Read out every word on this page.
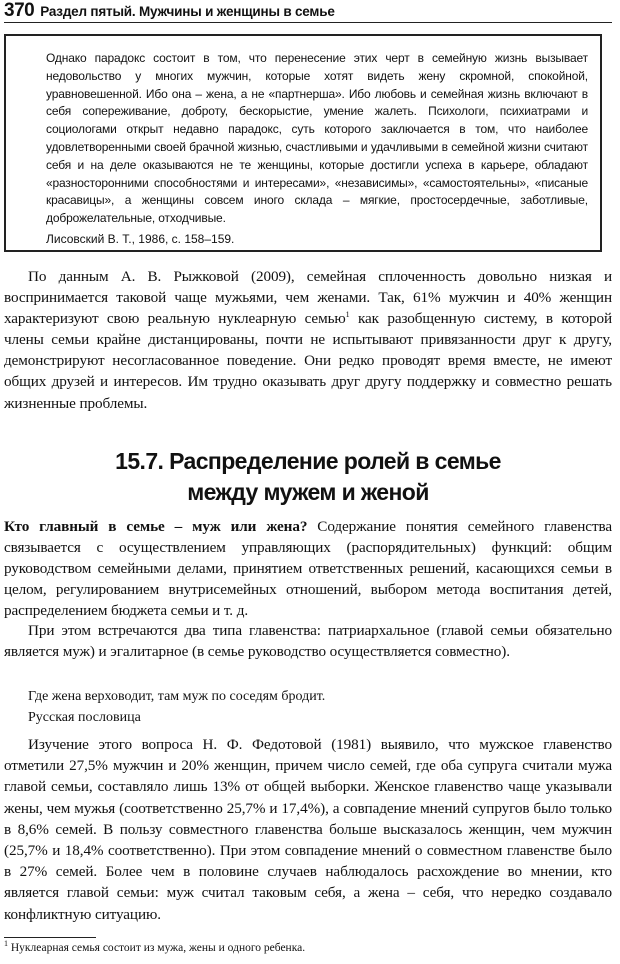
370 Раздел пятый. Мужчины и женщины в семье

Однако парадокс состоит в том, что перенесение этих черт в семейную жизнь вызывает недовольство у многих мужчин, которые хотят видеть жену скромной, спокойной, уравновешенной. Ибо она – жена, а не «партнерша». Ибо любовь и семейная жизнь включают в себя сопереживание, доброту, бескорыстие, умение жалеть. Психологи, психиатрами и социологами открыт недавно парадокс, суть которого заключается в том, что наиболее удовлетворенными своей брачной жизнью, счастливыми и удачливыми в семейной жизни считают себя и на деле оказываются не те женщины, которые достигли успеха в карьере, обладают «разносторонними способностями и интересами», «независимы», «самостоятельны», «писаные красавицы», а женщины совсем иного склада – мягкие, простосердечные, заботливые, доброжелательные, отходчивые.

Лисовский В. Т., 1986, с. 158–159.

По данным А. В. Рыжковой (2009), семейная сплоченность довольно низкая и воспринимается таковой чаще мужьями, чем женами. Так, 61% мужчин и 40% женщин характеризуют свою реальную нуклеарную семью$^1$ как разобщенную систему, в которой члены семьи крайне дистанцированы, почти не испытывают привязанности друг к другу, демонстрируют несогласованное поведение. Они редко проводят время вместе, не имеют общих друзей и интересов. Им трудно оказывать друг другу поддержку и совместно решать жизненные проблемы.

15.7. Распределение ролей в семье
между мужем и женой

Кто главный в семье – муж или жена? Содержание понятия семейного главенства связывается с осуществлением управляющих (распорядительных) функций: общим руководством семейными делами, принятием ответственных решений, касающихся семьи в целом, регулированием внутрисемейных отношений, выбором метода воспитания детей, распределением бюджета семьи и т. д.

При этом встречаются два типа главенства: патриархальное (главой семьи обязательно является муж) и эгалитарное (в семье руководство осуществляется совместно).

Где жена верховодит, там муж по соседям бродит.
Русская пословица

Изучение этого вопроса Н. Ф. Федотовой (1981) выявило, что мужское главенство отметили 27,5% мужчин и 20% женщин, причем число семей, где оба супруга считали мужа главой семьи, составляло лишь 13% от общей выборки. Женское главенство чаще указывали жены, чем мужья (соответственно 25,7% и 17,4%), а совпадение мнений супругов было только в 8,6% семей. В пользу совместного главенства больше высказалось женщин, чем мужчин (25,7% и 18,4% соответственно). При этом совпадение мнений о совместном главенстве было в 27% семей. Более чем в половине случаев наблюдалось расхождение во мнении, кто является главой семьи: муж считал таковым себя, а жена – себя, что нередко создавало конфликтную ситуацию.

$^1$ Нуклеарная семья состоит из мужа, жены и одного ребенка.
